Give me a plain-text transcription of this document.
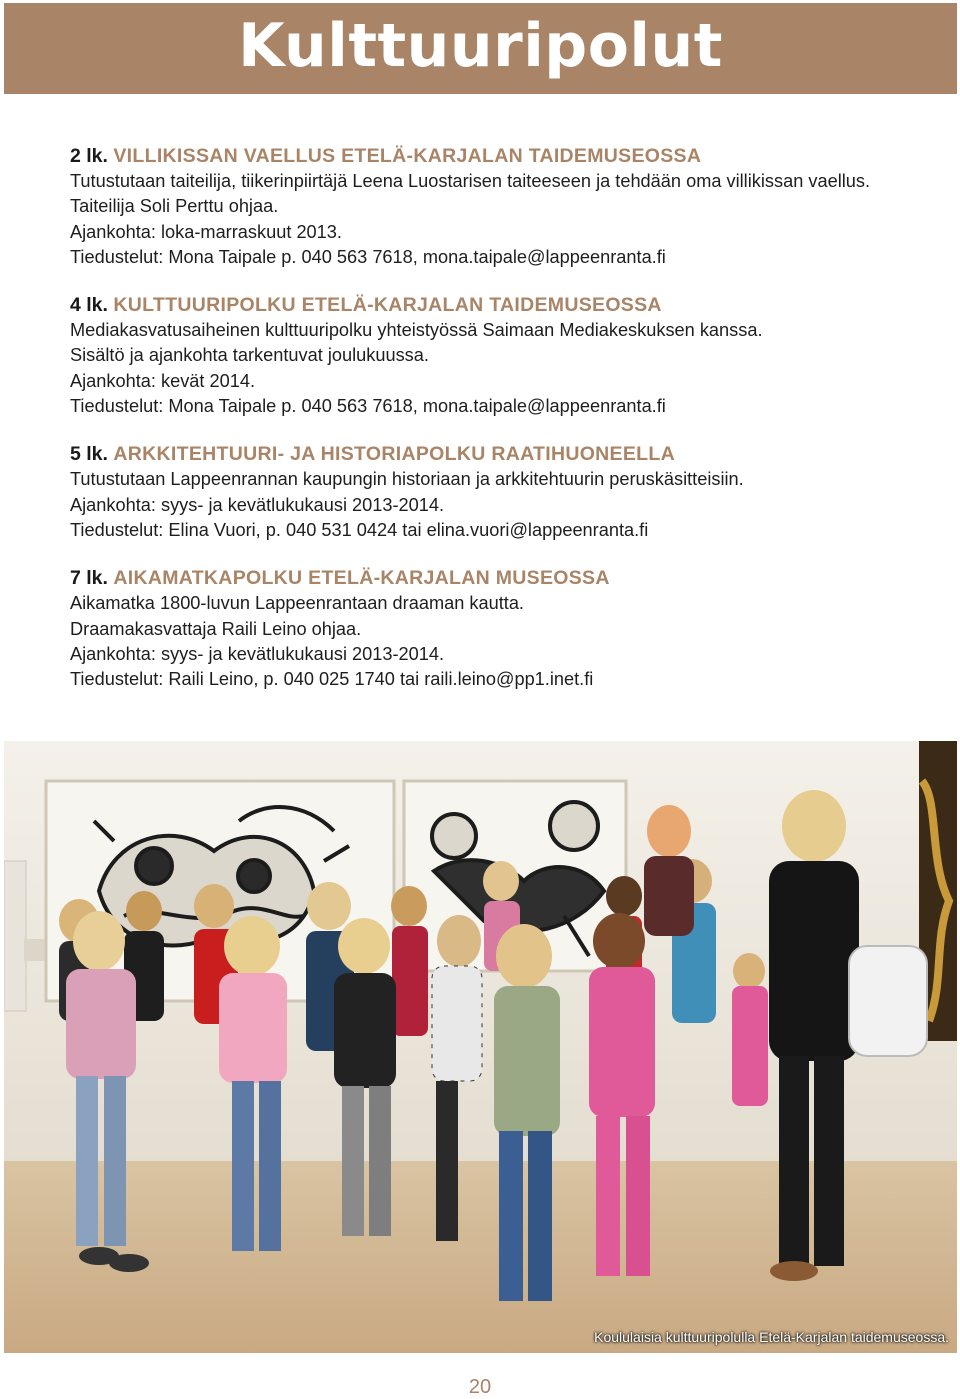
Kulttuuripolut
2 lk. VILLIKISSAN VAELLUS ETELÄ-KARJALAN TAIDEMUSEOSSA
Tutustutaan taiteilija, tiikerinpiirtäjä Leena Luostarisen taiteeseen ja tehdään oma villikissan vaellus.
Taiteilija Soli Perttu ohjaa.
Ajankohta: loka-marraskuut 2013.
Tiedustelut: Mona Taipale p. 040 563 7618, mona.taipale@lappeenranta.fi
4 lk. KULTTUURIPOLKU ETELÄ-KARJALAN TAIDEMUSEOSSA
Mediakasvatusaiheinen kulttuuripolku yhteistyössä Saimaan Mediakeskuksen kanssa.
Sisältö ja ajankohta tarkentuvat joulukuussa.
Ajankohta: kevät 2014.
Tiedustelut: Mona Taipale p. 040 563 7618, mona.taipale@lappeenranta.fi
5 lk. ARKKITEHTUURI- JA HISTORIAPOLKU RAATIHUONEELLA
Tutustutaan Lappeenrannan kaupungin historiaan ja arkkitehtuurin peruskäsitteisiin.
Ajankohta: syys- ja kevätlukukausi 2013-2014.
Tiedustelut: Elina Vuori, p. 040 531 0424 tai elina.vuori@lappeenranta.fi
7 lk. AIKAMATKAPOLKU ETELÄ-KARJALAN MUSEOSSA
Aikamatka 1800-luvun Lappeenrantaan draaman kautta.
Draamakasvattaja Raili Leino ohjaa.
Ajankohta: syys- ja kevätlukukausi 2013-2014.
Tiedustelut: Raili Leino, p. 040 025 1740 tai raili.leino@pp1.inet.fi
Koululaisia kulttuuripolulla Etelä-Karjalan taidemuseossa.
20
